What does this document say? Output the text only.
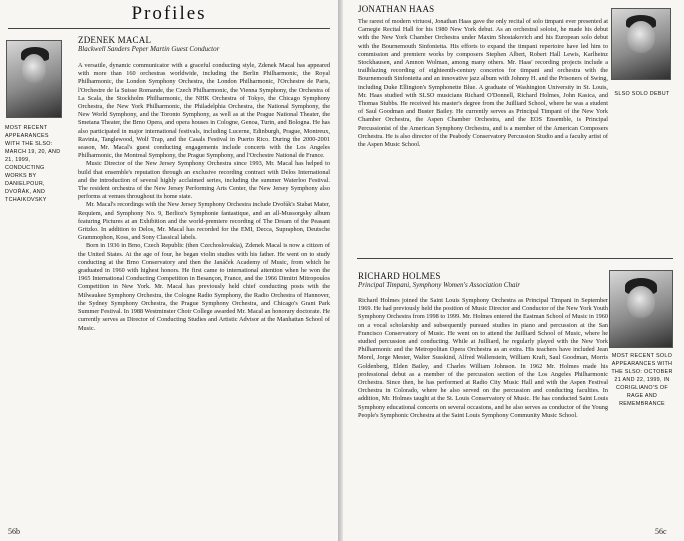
Profiles
MOST RECENT APPEARANCES WITH THE SLSO: MARCH 19, 20, AND 21, 1999, CONDUCTING WORKS BY DANIELPOUR, DVOŘÁK, AND TCHAIKOVSKY
ZDENEK MACAL
Blackwell Sanders Peper Martin Guest Conductor

A versatile, dynamic communicator with a graceful conducting style, Zdenek Macal has appeared with more than 160 orchestras worldwide, including the Berlin Philharmonic, the Royal Philharmonic, the London Symphony Orchestra, the London Philharmonic, l'Orchestre de Paris, l'Orchestre de la Suisse Romande, the Czech Philharmonic, the Vienna Symphony, the Orchestra of La Scala, the Stockholm Philharmonic, the NHK Orchestra of Tokyo, the Chicago Symphony Orchestra, the New York Philharmonic, the Philadelphia Orchestra, the National Symphony, the New World Symphony, and the Toronto Symphony, as well as at the Prague National Theater, the Smetana Theater, the Brno Opera, and opera houses in Cologne, Genoa, Turin, and Bologna. He has also participated in major international festivals, including Lucerne, Edinburgh, Prague, Montreux, Ravinia, Tanglewood, Wolf Trap, and the Casals Festival in Puerto Rico. During the 2000-2001 season, Mr. Macal's guest conducting engagements include concerts with the Los Angeles Philharmonic, the Montreal Symphony, the Prague Symphony, and l'Orchestre National de France.

Music Director of the New Jersey Symphony Orchestra since 1993, Mr. Macal has helped to build that ensemble's reputation through an exclusive recording contract with Delos International and the introduction of several highly acclaimed series, including the summer Waterloo Festival. The resident orchestra of the New Jersey Performing Arts Center, the New Jersey Symphony also performs at venues throughout its home state.

Mr. Macal's recordings with the New Jersey Symphony Orchestra include Dvořák's Stabat Mater, Requiem, and Symphony No. 9, Berlioz's Symphonie fantastique, and an all-Mussorgsky album featuring Pictures at an Exhibition and the world-premiere recording of The Dream of the Peasant Gritzko. In addition to Delos, Mr. Macal has recorded for the EMI, Decca, Supraphon, Deutsche Grammophon, Koss, and Sony Classical labels.

Born in 1936 in Brno, Czech Republic (then Czechoslovakia), Zdenek Macal is now a citizen of the United States. At the age of four, he began violin studies with his father. He went on to study conducting at the Brno Conservatory and then the Janáček Academy of Music, from which he graduated in 1960 with highest honors. He first came to international attention when he won the 1965 International Conducting Competition in Besançon, France, and the 1966 Dimitri Mitropoulos Competition in New York. Mr. Macal has previously held chief conducting posts with the Milwaukee Symphony Orchestra, the Cologne Radio Symphony, the Radio Orchestra of Hannover, the Sydney Symphony Orchestra, the Prague Symphony Orchestra, and Chicago's Grant Park Summer Festival. In 1988 Westminster Choir College awarded Mr. Macal an honorary doctorate. He currently serves as Director of Conducting Studies and Artistic Advisor at the Manhattan School of Music.

56b
JONATHAN HAAS

The rarest of modern virtuosi, Jonathan Haas gave the only recital of solo timpani ever presented at Carnegie Recital Hall for his 1980 New York debut. As an orchestral soloist, he made his debut with the New York Chamber Orchestra under Maxim Shostakovich and his European solo debut with the Bournemouth Sinfonietta. His efforts to expand the timpani repertoire have led him to commission and premiere works by composers Stephen Albert, Robert Hall Lewis, Karlheinz Stockhausen, and Amnon Wolman, among many others. Mr. Haas' recording projects include a trailblazing recording of eighteenth-century concertos for timpani and orchestra with the Bournemouth Sinfonietta and an innovative jazz album with Johnny H. and the Prisoners of Swing, including Duke Ellington's Symphonette Blue. A graduate of Washington University in St. Louis, Mr. Haas studied with SLSO musicians Richard O'Donnell, Richard Holmes, John Kasica, and Thomas Stubbs. He received his master's degree from the Juilliard School, where he was a student of Saul Goodman and Buster Bailey. He currently serves as Principal Timpani of the New York Chamber Orchestra, the Aspen Chamber Orchestra, and the EOS Ensemble, is Principal Percussionist of the American Symphony Orchestra, and is a member of the American Composers Orchestra. He is also director of the Peabody Conservatory Percussion Studio and a faculty artist of the Aspen Music School.

SLSO SOLO DEBUT
RICHARD HOLMES
Principal Timpani, Symphony Women's Association Chair

Richard Holmes joined the Saint Louis Symphony Orchestra as Principal Timpani in September 1969. He had previously held the position of Music Director and Conductor of the New York Youth Symphony Orchestra from 1998 to 1999. Mr. Holmes entered the Eastman School of Music in 1960 on a vocal scholarship and subsequently pursued studies in piano and percussion at the San Francisco Conservatory of Music. He went on to attend the Juilliard School of Music, where he studied percussion and conducting. While at Juilliard, he regularly played with the New York Philharmonic and the Metropolitan Opera Orchestra as an extra. His teachers have included Jean Morel, Jorge Mester, Walter Susskind, Alfred Wallenstein, William Kraft, Saul Goodman, Morris Goldenberg, Elden Bailey, and Charles William Johnson. In 1962 Mr. Holmes made his professional debut as a member of the percussion section of the Los Angeles Philharmonic Orchestra. Since then, he has performed at Radio City Music Hall and with the Aspen Festival Orchestra in Colorado, where he also served on the percussion and conducting faculties. In addition, Mr. Holmes taught at the St. Louis Conservatory of Music. He has conducted Saint Louis Symphony educational concerts on several occasions, and he also serves as conductor of the Young People's Symphonic Orchestra at the Saint Louis Symphony Community Music School.

MOST RECENT SOLO APPEARANCES WITH THE SLSO: OCTOBER 21 AND 22, 1999, IN CORIGLIANO'S OF RAGE AND REMEMBRANCE
56c
